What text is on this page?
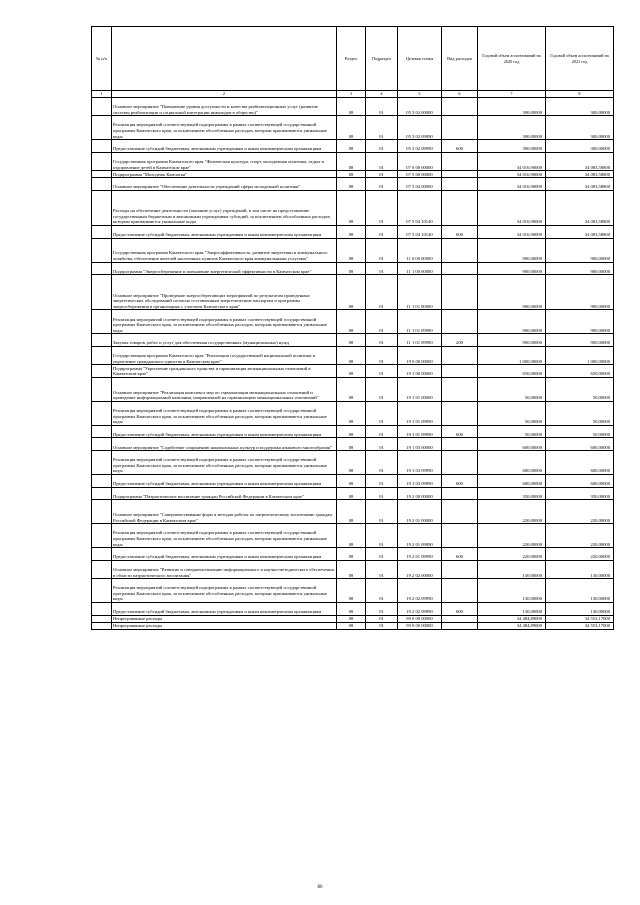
№ п/п		Раздел	Подраздел	Целевая статья	Вид расходов	Годовой объем ассигнований на 2020 год	Годовой объем ассигнований на 2021 год
1	2	3	4	5	6	7	8
	Основное мероприятие "Повышение уровня доступности и качества реабилитационных услуг (развитие системы реабилитации и социальной интеграции инвалидов в общество)"	08	01	05 3 02 00000		390,00000	300,00000
	Реализация мероприятий соответствующей подпрограммы в рамках соответствующей государственной программы Камчатского края, за исключением обособленных расходов, которым присваиваются уникальные коды	08	01	05 3 02 09990		390,00000	300,00000
	Предоставление субсидий бюджетным, автономным учреждениям и иным некоммерческим организациям	08	01	05 3 02 09990	600	390,00000	300,00000
	Государственная программа Камчатского края "Физическая культура, спорт, молодежная политика, отдых и оздоровление детей в Камчатском крае"	08	01	07 0 00 00000		34 016,90000	34 083,58800
	Подпрограмма "Молодежь Камчатки"	08	01	07 5 00 00000		34 016,90000	34 083,58800
	Основное мероприятие "Обеспечение деятельности учреждений сферы молодежной политики"	08	01	07 5 04 00000		34 016,90000	34 083,58800
	Расходы на обеспечение деятельности (оказание услуг) учреждений, в том числе на предоставление государственным бюджетным и автономным учреждениям субсидий, за исключением обособленных расходов, которым присваиваются уникальные коды	08	01	07 5 04 10140		34 016,90000	34 083,58800
	Предоставление субсидий бюджетным, автономным учреждениям и иным некоммерческим организациям	08	01	07 5 04 10140	600	34 016,90000	34 083,58800
	Государственная программа Камчатского края "Энергоэффективность, развитие энергетики и коммунального хозяйства, обеспечение жителей населенных пунктов Камчатского края коммунальными услугами"	08	01	11 0 00 00000		900,00000	900,00000
	Подпрограмма "Энергосбережение и повышение энергетической эффективности в Камчатском крае"	08	01	11 1 00 00000		900,00000	900,00000
	Основное мероприятие "Проведение энергосберегающих мероприятий по результатам проведенных энергетических обследований согласно составленным энергетическим паспортам и программы энергосбережения в организациях с участием Камчатского края"	08	01	11 1 01 00000		900,00000	900,00000
	Реализация мероприятий соответствующей подпрограммы в рамках соответствующей государственной программы Камчатского края, за исключением обособленных расходов, которым присваиваются уникальные коды	08	01	11 1 01 09990		900,00000	900,00000
	Закупка товаров, работ и услуг для обеспечения государственных (муниципальных) нужд	08	01	11 1 01 09990	200	900,00000	900,00000
	Государственная программа Камчатского края "Реализация государственной национальной политики и укрепление гражданского единства в Камчатском крае"	08	01	19 0 00 00000		1 000,00000	1 000,00000
	Подпрограмма "Укрепление гражданского единства и гармонизация межнациональных отношений в Камчатском крае"	08	01	19 1 00 00000		650,00000	650,00000
	Основное мероприятие "Реализация комплекса мер по гармонизации межнациональных отношений и проведение информационной кампании, направленной на гармонизацию межнациональных отношений"	08	01	19 1 01 00000		50,00000	50,00000
	Реализация мероприятий соответствующей подпрограммы в рамках соответствующей государственной программы Камчатского края, за исключением обособленных расходов, которым присваиваются уникальные коды	08	01	19 1 01 09990		50,00000	50,00000
	Предоставление субсидий бюджетным, автономным учреждениям и иным некоммерческим организациям	08	01	19 1 01 09990	600	50,00000	50,00000
	Основное мероприятие "Содействие сохранению национальных культур и поддержка языкового многообразия"	08	01	19 1 03 00000		600,00000	600,00000
	Реализация мероприятий соответствующей подпрограммы в рамках соответствующей государственной программы Камчатского края, за исключением обособленных расходов, которым присваиваются уникальные коды	08	01	19 1 03 09990		600,00000	600,00000
	Предоставление субсидий бюджетным, автономным учреждениям и иным некоммерческим организациям	08	01	19 1 03 09990	600	600,00000	600,00000
	Подпрограмма "Патриотическое воспитание граждан Российской Федерации в Камчатском крае"	08	01	19 2 00 00000		350,00000	350,00000
	Основное мероприятие "Совершенствование форм и методов работы по патриотическому воспитанию граждан Российской Федерации в Камчатском крае"	08	01	19 2 01 00000		220,00000	220,00000
	Реализация мероприятий соответствующей подпрограммы в рамках соответствующей государственной программы Камчатского края, за исключением обособленных расходов, которым присваиваются уникальные коды	08	01	19 2 01 09990		220,00000	220,00000
	Предоставление субсидий бюджетным, автономным учреждениям и иным некоммерческим организациям	08	01	19 2 01 09990	600	220,00000	220,00000
	Основное мероприятие "Развитие и совершенствование информационного и научно-методического обеспечения в области патриотического воспитания"	08	01	19 2 02 00000		130,00000	130,00000
	Реализация мероприятий соответствующей подпрограммы в рамках соответствующей государственной программы Камчатского края, за исключением обособленных расходов, которым присваиваются уникальные коды	08	01	19 2 02 09990		130,00000	130,00000
	Предоставление субсидий бюджетным, автономным учреждениям и иным некоммерческим организациям	08	01	19 2 02 09990	600	130,00000	130,00000
	Непрограммные расходы	08	01	99 0 00 00000		34 484,89000	34 553,17000
	Непрограммные расходы	08	01	99 0 00 00000		34 484,89000	34 553,17000
86
